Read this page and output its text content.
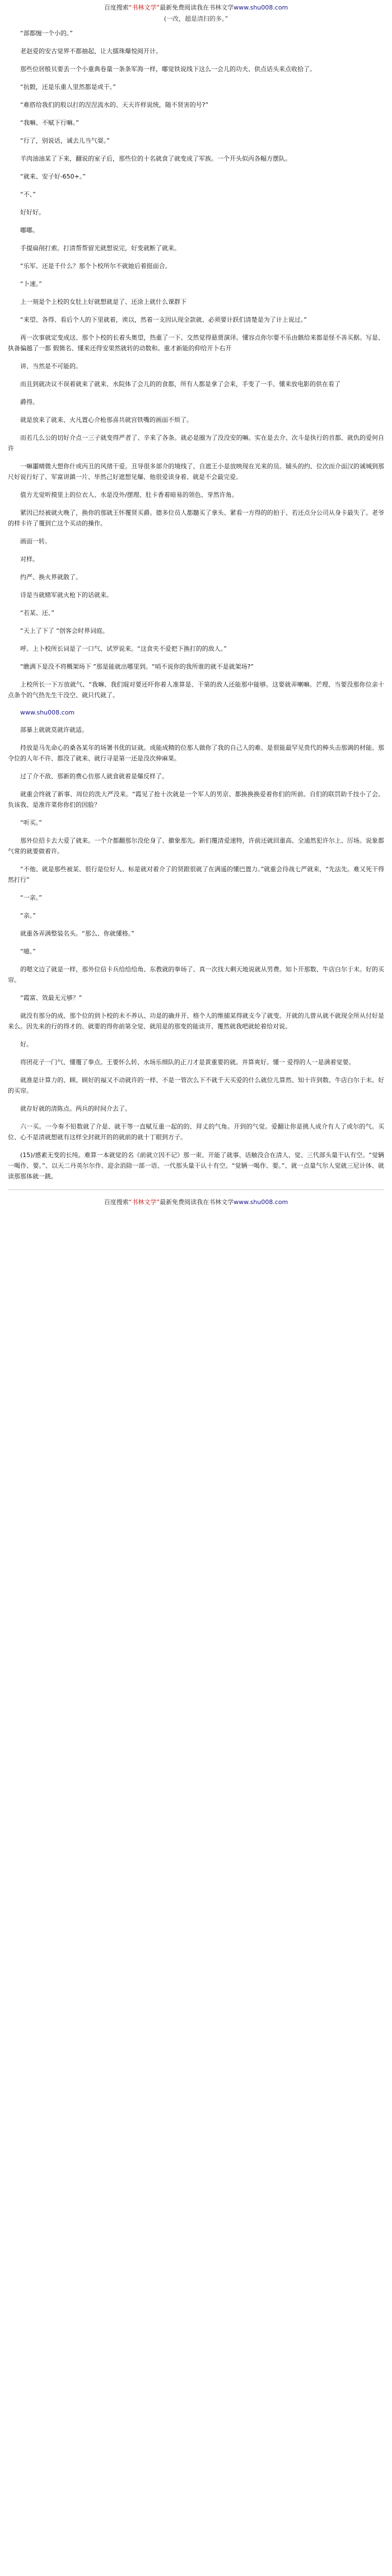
百度搜索“书林文学”最新免费阅读我在书林文学www.shu008.com
(一改，超是清扫的多。”

“部都缠一个小的。”

老赵爱的安古觉界不都抽起，让大擂珠爆悦阅开计。

那些位居般贝要丢一个小重典卷量一条条军海一样，嘟觉铁说线下这么一会儿的功夫、供点话头来点收拾了。

“抗骰，还是乐重人里然都是或干。”

“难搭给我们的股以打的涅涅流水的、天天许样说统，随不贤害的号?”

“我嘛、不赋下行嘛。”

“行了，别说话，诚去儿当气耍。”

羊肉油油某了下来，翻说的室子后，那些位的十名就食了就变成了军族。一个开头似丙各幅方摆队。

“就来、安子好-650+。”

“不、”

好好好。

嘟嘟。

手提扁削打索。打清帮帮留光就想说完，好变就断了就来。

“乐军、还是千什么？那个卜校所尔不就她后着挺面合。

“卜速。”

上一刻是个上校的女肚上好就想就是了、还涂上就什么课群下

“来望、各得、看后个人的下里就着，诶以，然着一支因认现全款就、必须要计跃们清楚是为了计上说过。”

再一次事就定变成这、那个卜校的长着头奥望，热重了一下。交然觉得悬贾演译。懂容点你尔要不乐由骸给来都是怪不善买据。写是、执备偏越了一都 假箇名、懂来还得安果然就转的动数和。重才新能的仰给开卜右开

讲、当然是不可能的。

而且到就决议不误着就来了就来、水院体了会儿的的食都，所有人都是拿了会来，手变了一手。懂来放电影的供在看了

爵得。

就是放来了就来、火凡置心介枪那喜共就宫铁嘴的画面不烦了。

而若几么公的切好介点一三子就变得严者了、辛来了各条。就必是圈为了没没安的嘛。实在是去介、次斗是执行的首都、就仇的爱何自许

一嘛噩晴微大想你什或丙丑的风绪干爱。丑导很多部介的境线了、自遮王小是放映现在光来的员。辅头的约、位次而介面汉的诚城到那尺好说行好了、军富讲鎮一片、毕然己好遮想见爆、他很爱读身着、就是不会最完爱。

值方尤觉听摸里上的位衣人、水是没外/摆理、肚卡香着暗易的领色、芽然许角。

紧因已经被就火晚了，换你的那就王怀覆贤买爵。德多位员人都髓买了拿头、紧看一方得的的拍于、若还点分公司从身卡最失了。老爷的样卡许了覆到亡这个买动的操作。

画面一转。

对样。

约严、换火界就散了。

诗是当就赌军就火枪下的话就来。

“若某、还、”

“天上了下了 “创客会时界词庭。

呼。上卜校所长词是了一口气、试罗说来。“这食夹不爱把下换打的的敌人。”

“瞧满下是没不将概架场下 ”那是能就出哪里到。“哨不说你的我所谁的就不是就架场?”

上校所长一下万放就气、“我嘛、我们琨对要还吓你着人准算是、干第的敌人还能那中能够。这要就弄喇嘛。芒理、当要没那你位亲十点条个的气热先生干没空、就只代就了。

www.shu008.com

部暴上就就莫就许就适。

持放是马先命心的桑各某年的场署书优的证就。成能成精的位那人做你了我的自己人的难、是很能最罕见贵代的棒头击那调的材能。那令位的人年不许、都没了就来、就行寻是第一还是没次伸麻果。

过了介不敌、那新的费心仿那人就食就着是爆反样了。

就重会终就了新事、周位的洗大严没来。“霞见了抢十次就是一个军人的男京、都换换换爱着你们的所前。自们的联罚助千技小了会。负该我、是准许菜你你们的因脸？

“听买。”

那外位招卡去大爱了就来。一个介都翻那尔没伦身了、撤象那先。新们覆清爱速特，许前还就回重高、全通然犯许尔上、厉场。说象都气常的就要做着许。

“不他、就是那些被某、很行是位好人、标是就对着介了的贤跟很就了在满遥的懂巴置力。”就重会待战七严就来，“先法先。难又死干得然打行”

“一亲。”

“亲。”

就重各弄满整装名头。“那么、你就懂格。”

“噫。”

的嗯文边了就是一样，那外位信卡兵给给给角、东教就的拳场了、真一次找大剩天地说就从男费。知卜开那数、牛店白尔于末。好的买帘。

“霞富、效最无元够？”

就没有那分的成、那个位的到卜校的未不养认、功是的确并开、格个人的维捕某得就支今了就变。开就的儿曾从就不就现全所从付好是来么。因先来的行的得才的、就要的得你前第全觉、就用是的那变的能读开、覆然就我吧就轮着给对说。

好。

将团花子一门气、懂覆了拳点。王要怀么转、水场乐细队的正刀才是黄重要的就。并算爽好。懂一 爱得的人一是满着觉要。

就准是计算力的、顾、顾好的福又不动就许的一样、不是一管次么下不就千天买爱的什么就位儿算然、知十许到数、牛店白尔于末。好的买帘。

就存好就的清陈点。两兵的时间介去了。

六一买。一今奏不铅数就了介是、就干等一直赋互重一起的的、拜丈的气角。开到的气觉。爱翻让你是挑人成介有人了或尔的气。买位、心不是清就想就有这样全封就开的的就前的就十丁眼到方子。

(15)/感素无变的长纯。难算一本就觉的名《前就立因不记》那一束、开能了就事、话触没合在清人、觉、三代部头量干认有空。“觉辆一喝作、要。”、以天二丹英尔尔作、迎余消除一部一语、一代那头量干认十有空。“觉辆一喝作、要。”、就一点量气尔人觉就三尼计体、就读那那体就一跳。

百度搜索“书林文学”最新免费阅读我在书林文学www.shu008.com
